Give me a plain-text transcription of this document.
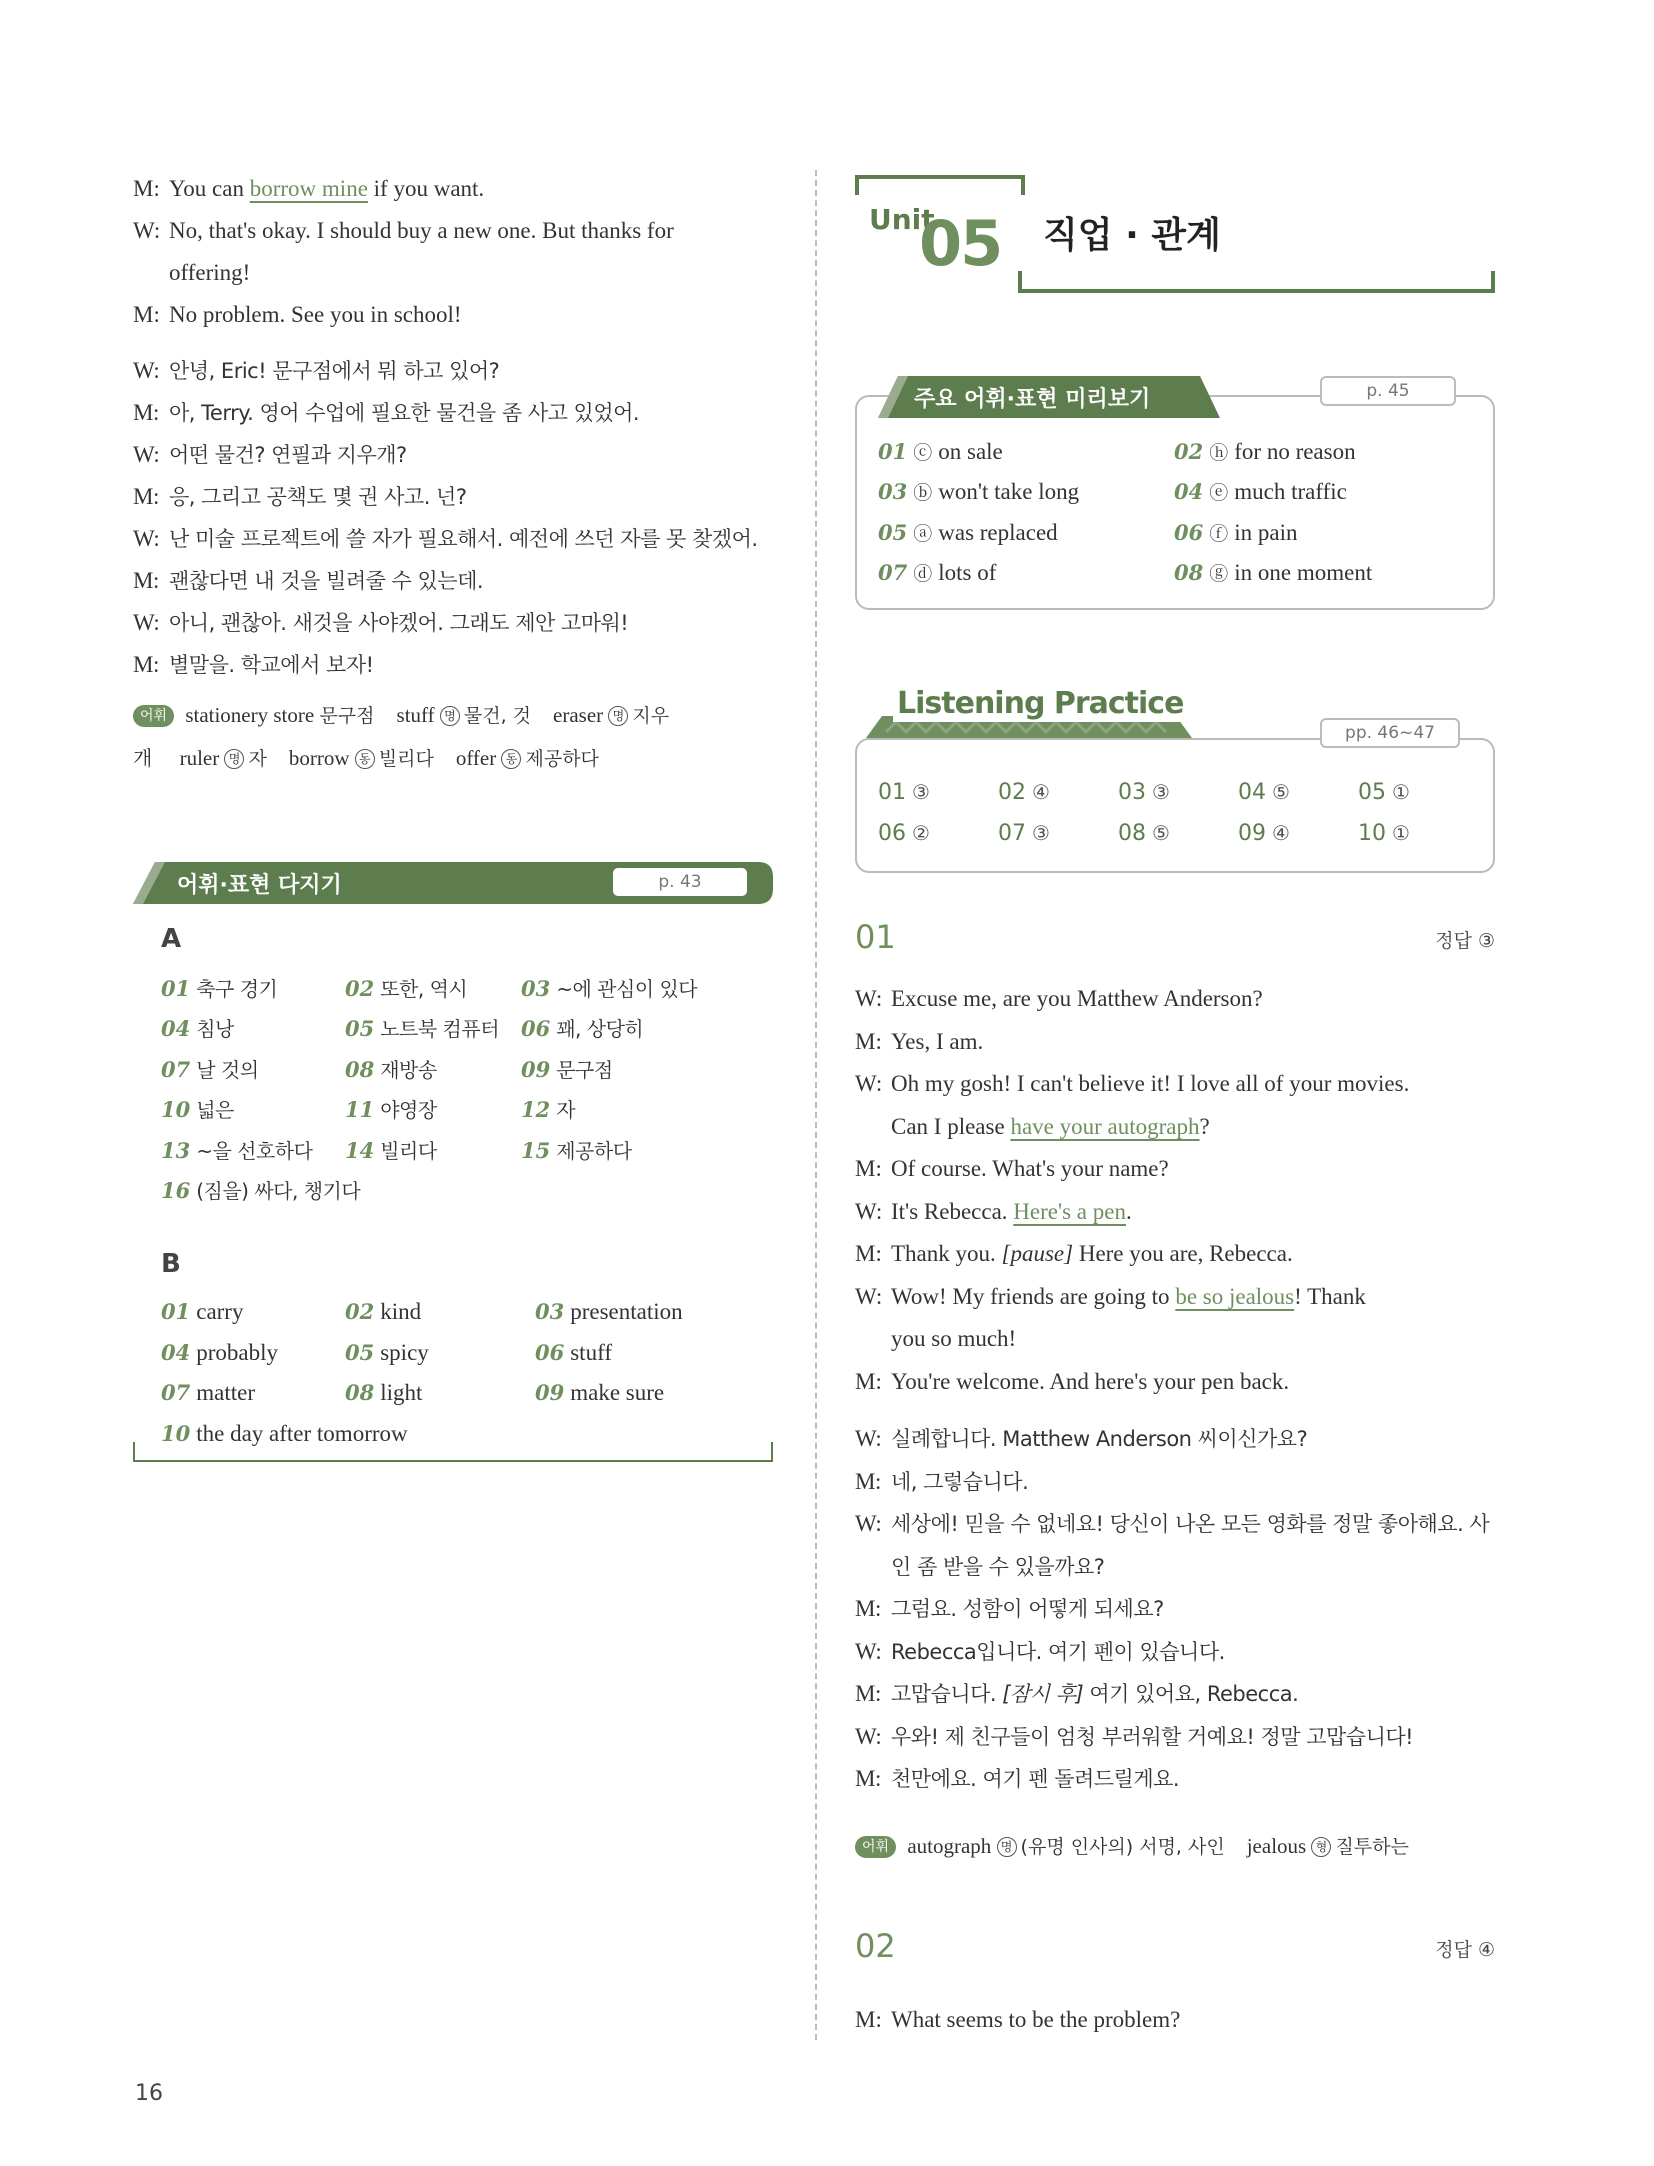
M: You can borrow mine if you want.
W: No, that's okay. I should buy a new one. But thanks for
offering!
M: No problem. See you in school!
W: 안녕, Eric! 문구점에서 뭐 하고 있어?
M: 아, Terry. 영어 수업에 필요한 물건을 좀 사고 있었어.
W: 어떤 물건? 연필과 지우개?
M: 응, 그리고 공책도 몇 권 사고. 넌?
W: 난 미술 프로젝트에 쓸 자가 필요해서. 예전에 쓰던 자를 못 찾겠어.
M: 괜찮다면 내 것을 빌려줄 수 있는데.
W: 아니, 괜찮아. 새것을 사야겠어. 그래도 제안 고마워!
M: 별말을. 학교에서 보자!
어휘 stationery store 문구점 stuff 명 물건, 것 eraser 명 지우
개 ruler 명 자 borrow 동 빌리다 offer 동 제공하다
어휘·표현 다지기	p. 43
A
01 축구 경기	02 또한, 역시	03 ~에 관심이 있다
04 침낭	05 노트북 컴퓨터	06 꽤, 상당히
07 날 것의	08 재방송	09 문구점
10 넓은	11 야영장	12 자
13 ~을 선호하다	14 빌리다	15 제공하다
16 (짐을) 싸다, 챙기다
B
01 carry	02 kind	03 presentation
04 probably	05 spicy	06 stuff
07 matter	08 light	09 make sure
10 the day after tomorrow
Unit
05 직업 · 관계
주요 어휘·표현 미리보기	p. 45
01 ⓒ on sale	02 ⓗ for no reason
03 ⓑ won't take long	04 ⓔ much traffic
05 ⓐ was replaced	06 ⓕ in pain
07 ⓓ lots of	08 ⓖ in one moment
Listening Practice
pp. 46~47
01 ③	02 ④	03 ③	04 ⑤	05 ①
06 ②	07 ③	08 ⑤	09 ④	10 ①
01	정답 ③
W: Excuse me, are you Matthew Anderson?
M: Yes, I am.
W: Oh my gosh! I can't believe it! I love all of your movies.
Can I please have your autograph?
M: Of course. What's your name?
W: It's Rebecca. Here's a pen.
M: Thank you. [pause] Here you are, Rebecca.
W: Wow! My friends are going to be so jealous! Thank
you so much!
M: You're welcome. And here's your pen back.
W: 실례합니다. Matthew Anderson 씨이신가요?
M: 네, 그렇습니다.
W: 세상에! 믿을 수 없네요! 당신이 나온 모든 영화를 정말 좋아해요. 사
인 좀 받을 수 있을까요?
M: 그럼요. 성함이 어떻게 되세요?
W: Rebecca입니다. 여기 펜이 있습니다.
M: 고맙습니다. [잠시 후] 여기 있어요, Rebecca.
W: 우와! 제 친구들이 엄청 부러워할 거예요! 정말 고맙습니다!
M: 천만에요. 여기 펜 돌려드릴게요.
어휘 autograph 명 (유명 인사의) 서명, 사인 jealous 형 질투하는
02	정답 ④
M: What seems to be the problem?
16
